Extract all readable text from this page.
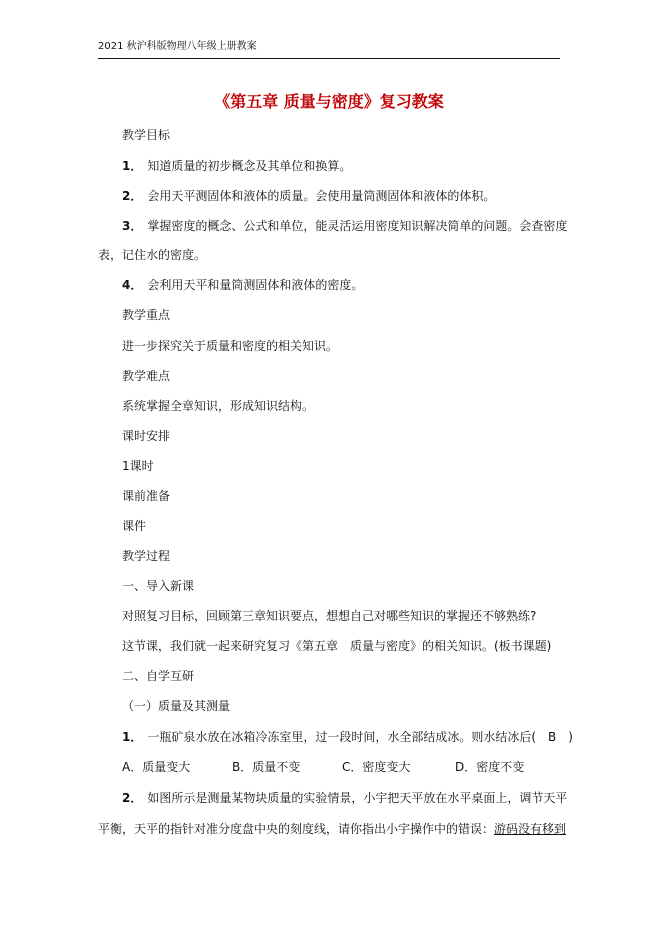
2021 秋沪科版物理八年级上册教案
《第五章 质量与密度》复习教案
教学目标
1． 知道质量的初步概念及其单位和换算。
2． 会用天平测固体和液体的质量。会使用量筒测固体和液体的体积。
3． 掌握密度的概念、公式和单位，能灵活运用密度知识解决简单的问题。会查密度
表，记住水的密度。
4． 会利用天平和量筒测固体和液体的密度。
教学重点
进一步探究关于质量和密度的相关知识。
教学难点
系统掌握全章知识，形成知识结构。
课时安排
1课时
课前准备
课件
教学过程
一、导入新课
对照复习目标，回顾第三章知识要点，想想自己对哪些知识的掌握还不够熟练?
这节课，我们就一起来研究复习《第五章　质量与密度》的相关知识。(板书课题)
二、自学互研
（一）质量及其测量
1． 一瓶矿泉水放在冰箱冷冻室里，过一段时间，水全部结成冰。则水结冰后(　B　)
A．质量变大	B．质量不变	C．密度变大	D．密度不变
2． 如图所示是测量某物块质量的实验情景，小宇把天平放在水平桌面上，调节天平
平衡，天平的指针对准分度盘中央的刻度线，请你指出小宇操作中的错误：游码没有移到
